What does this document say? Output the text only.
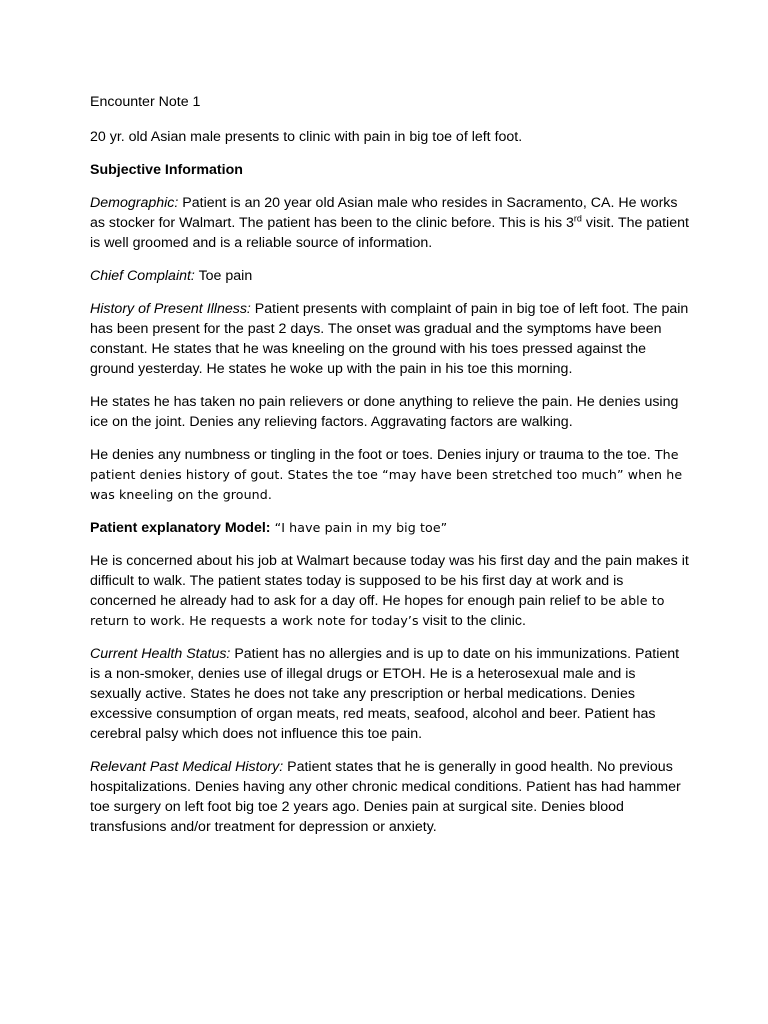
Encounter Note 1

20 yr. old Asian male presents to clinic with pain in big toe of left foot.

Subjective Information

Demographic: Patient is an 20 year old Asian male who resides in Sacramento, CA. He works as stocker for Walmart. The patient has been to the clinic before. This is his 3rd visit. The patient is well groomed and is a reliable source of information.

Chief Complaint: Toe pain

History of Present Illness: Patient presents with complaint of pain in big toe of left foot. The pain has been present for the past 2 days. The onset was gradual and the symptoms have been constant. He states that he was kneeling on the ground with his toes pressed against the ground yesterday. He states he woke up with the pain in his toe this morning.

He states he has taken no pain relievers or done anything to relieve the pain. He denies using ice on the joint. Denies any relieving factors. Aggravating factors are walking.

He denies any numbness or tingling in the foot or toes. Denies injury or trauma to the toe. The patient denies history of gout. States the toe “may have been stretched too much” when he was kneeling on the ground.

Patient explanatory Model: “I have pain in my big toe”

He is concerned about his job at Walmart because today was his first day and the pain makes it difficult to walk. The patient states today is supposed to be his first day at work and is concerned he already had to ask for a day off. He hopes for enough pain relief to be able to return to work. He requests a work note for today’s visit to the clinic.

Current Health Status: Patient has no allergies and is up to date on his immunizations. Patient is a non-smoker, denies use of illegal drugs or ETOH. He is a heterosexual male and is sexually active. States he does not take any prescription or herbal medications. Denies excessive consumption of organ meats, red meats, seafood, alcohol and beer. Patient has cerebral palsy which does not influence this toe pain.

Relevant Past Medical History: Patient states that he is generally in good health. No previous hospitalizations. Denies having any other chronic medical conditions. Patient has had hammer toe surgery on left foot big toe 2 years ago. Denies pain at surgical site. Denies blood transfusions and/or treatment for depression or anxiety.
